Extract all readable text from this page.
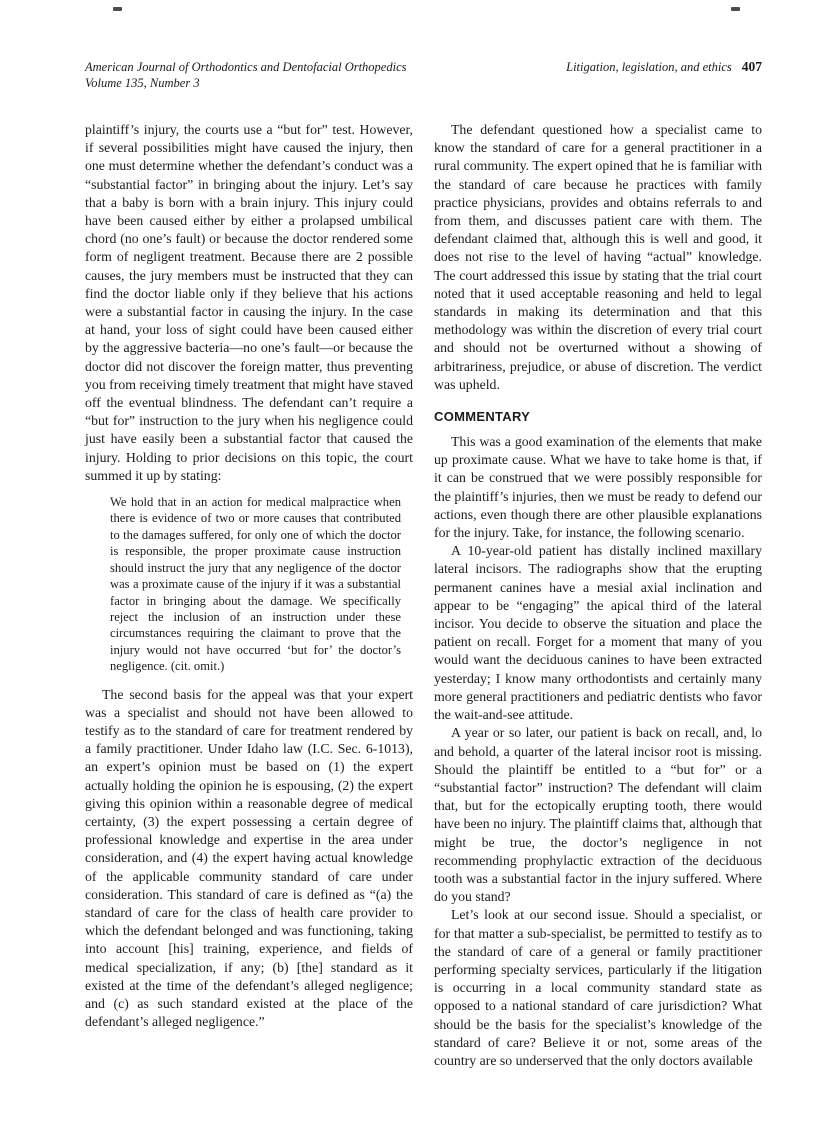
American Journal of Orthodontics and Dentofacial Orthopedics
Volume 135, Number 3
Litigation, legislation, and ethics 407

plaintiff’s injury, the courts use a “but for” test. However, if several possibilities might have caused the injury, then one must determine whether the defendant’s conduct was a “substantial factor” in bringing about the injury. Let’s say that a baby is born with a brain injury. This injury could have been caused either by either a prolapsed umbilical chord (no one’s fault) or because the doctor rendered some form of negligent treatment. Because there are 2 possible causes, the jury members must be instructed that they can find the doctor liable only if they believe that his actions were a substantial factor in causing the injury. In the case at hand, your loss of sight could have been caused either by the aggressive bacteria—no one’s fault—or because the doctor did not discover the foreign matter, thus preventing you from receiving timely treatment that might have staved off the eventual blindness. The defendant can’t require a “but for” instruction to the jury when his negligence could just have easily been a substantial factor that caused the injury. Holding to prior decisions on this topic, the court summed it up by stating:

We hold that in an action for medical malpractice when there is evidence of two or more causes that contributed to the damages suffered, for only one of which the doctor is responsible, the proper proximate cause instruction should instruct the jury that any negligence of the doctor was a proximate cause of the injury if it was a substantial factor in bringing about the damage. We specifically reject the inclusion of an instruction under these circumstances requiring the claimant to prove that the injury would not have occurred ‘but for’ the doctor’s negligence. (cit. omit.)

The second basis for the appeal was that your expert was a specialist and should not have been allowed to testify as to the standard of care for treatment rendered by a family practitioner. Under Idaho law (I.C. Sec. 6-1013), an expert’s opinion must be based on (1) the expert actually holding the opinion he is espousing, (2) the expert giving this opinion within a reasonable degree of medical certainty, (3) the expert possessing a certain degree of professional knowledge and expertise in the area under consideration, and (4) the expert having actual knowledge of the applicable community standard of care under consideration. This standard of care is defined as “(a) the standard of care for the class of health care provider to which the defendant belonged and was functioning, taking into account [his] training, experience, and fields of medical specialization, if any; (b) [the] standard as it existed at the time of the defendant’s alleged negligence; and (c) as such standard existed at the place of the defendant’s alleged negligence.”

The defendant questioned how a specialist came to know the standard of care for a general practitioner in a rural community. The expert opined that he is familiar with the standard of care because he practices with family practice physicians, provides and obtains referrals to and from them, and discusses patient care with them. The defendant claimed that, although this is well and good, it does not rise to the level of having “actual” knowledge. The court addressed this issue by stating that the trial court noted that it used acceptable reasoning and held to legal standards in making its determination and that this methodology was within the discretion of every trial court and should not be overturned without a showing of arbitrariness, prejudice, or abuse of discretion. The verdict was upheld.

COMMENTARY

This was a good examination of the elements that make up proximate cause. What we have to take home is that, if it can be construed that we were possibly responsible for the plaintiff’s injuries, then we must be ready to defend our actions, even though there are other plausible explanations for the injury. Take, for instance, the following scenario.

A 10-year-old patient has distally inclined maxillary lateral incisors. The radiographs show that the erupting permanent canines have a mesial axial inclination and appear to be “engaging” the apical third of the lateral incisor. You decide to observe the situation and place the patient on recall. Forget for a moment that many of you would want the deciduous canines to have been extracted yesterday; I know many orthodontists and certainly many more general practitioners and pediatric dentists who favor the wait-and-see attitude.

A year or so later, our patient is back on recall, and, lo and behold, a quarter of the lateral incisor root is missing. Should the plaintiff be entitled to a “but for” or a “substantial factor” instruction? The defendant will claim that, but for the ectopically erupting tooth, there would have been no injury. The plaintiff claims that, although that might be true, the doctor’s negligence in not recommending prophylactic extraction of the deciduous tooth was a substantial factor in the injury suffered. Where do you stand?

Let’s look at our second issue. Should a specialist, or for that matter a sub-specialist, be permitted to testify as to the standard of care of a general or family practitioner performing specialty services, particularly if the litigation is occurring in a local community standard state as opposed to a national standard of care jurisdiction? What should be the basis for the specialist’s knowledge of the standard of care? Believe it or not, some areas of the country are so underserved that the only doctors available
